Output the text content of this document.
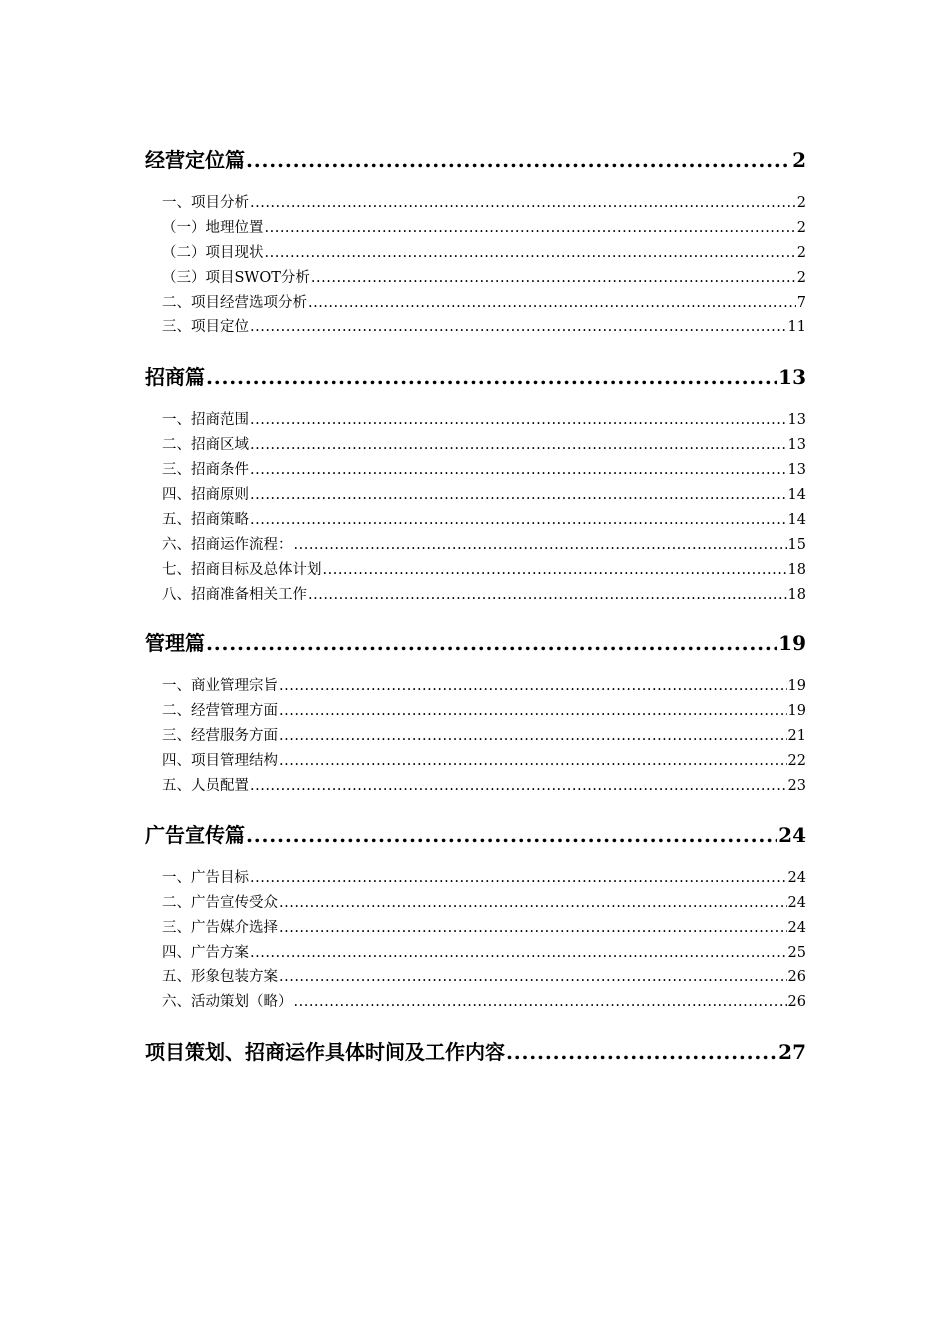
经营定位篇 .....	2
一、项目分析 .....	2
（一）地理位置 .....	2
（二）项目现状 .....	2
（三）项目SWOT分析 .....	2
二、项目经营选项分析 .....	7
三、项目定位 .....	11
招商篇 .....	13
一、招商范围 .....	13
二、招商区域 .....	13
三、招商条件 .....	13
四、招商原则 .....	14
五、招商策略 .....	14
六、招商运作流程： .....	15
七、招商目标及总体计划 .....	18
八、招商准备相关工作 .....	18
管理篇 .....	19
一、商业管理宗旨 .....	19
二、经营管理方面 .....	19
三、经营服务方面 .....	21
四、项目管理结构 .....	22
五、人员配置 .....	23
广告宣传篇 .....	24
一、广告目标 .....	24
二、广告宣传受众 .....	24
三、广告媒介选择 .....	24
四、广告方案 .....	25
五、形象包装方案 .....	26
六、活动策划（略） .....	26
项目策划、招商运作具体时间及工作内容 .....	27
